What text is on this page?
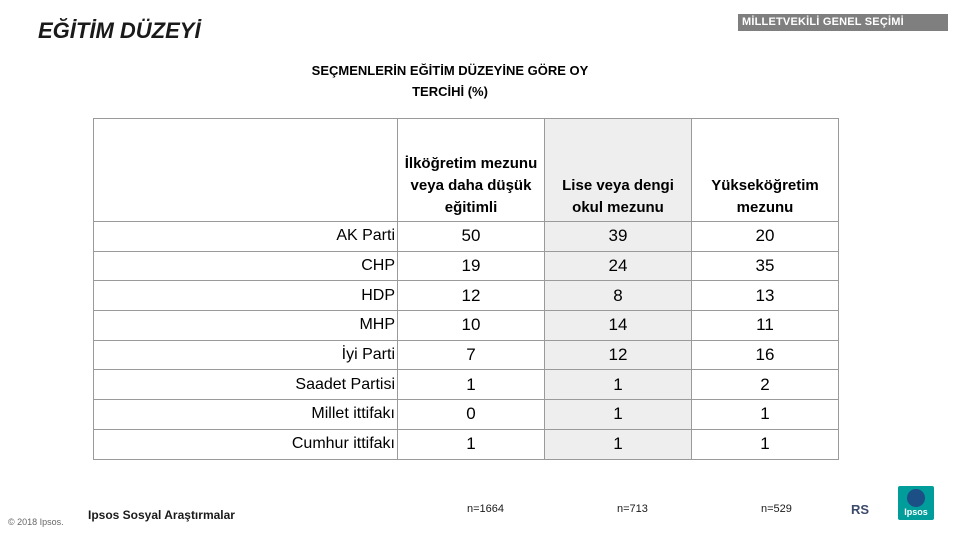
EĞİTİM DÜZEYİ	MİLLETVEKİLİ GENEL SEÇİMİ
SEÇMENLERİN EĞİTİM DÜZEYİNE GÖRE OY
TERCİHİ (%)
	İlköğretim mezunu veya daha düşük eğitimli	Lise veya dengi okul mezunu	Yükseköğretim mezunu
AK Parti	50	39	20
CHP	19	24	35
HDP	12	8	13
MHP	10	14	11
İyi Parti	7	12	16
Saadet Partisi	1	1	2
Millet ittifakı	0	1	1
Cumhur ittifakı	1	1	1
n=1664	n=713	n=529
Ipsos Sosyal Araştırmalar
© 2018 Ipsos.
RS	Ipsos
